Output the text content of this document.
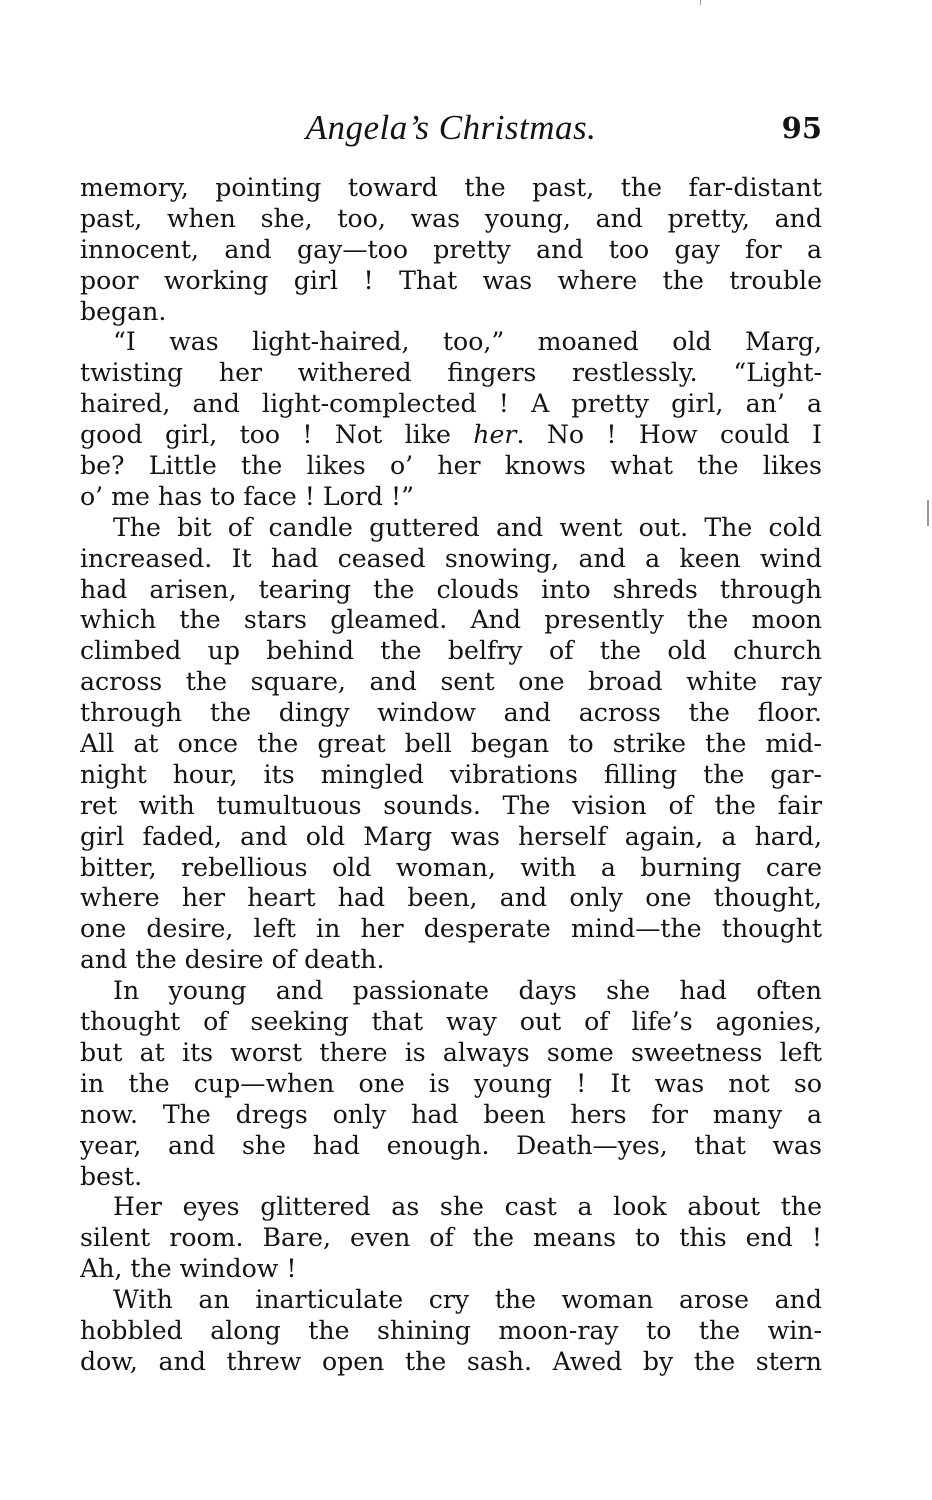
Angela’s Christmas.	95
memory, pointing toward the past, the far-distant
past, when she, too, was young, and pretty, and
innocent, and gay—too pretty and too gay for a
poor working girl ! That was where the trouble
began.
“I was light-haired, too,” moaned old Marg,
twisting her withered fingers restlessly. “Light-
haired, and light-complected ! A pretty girl, an’ a
good girl, too ! Not like her. No ! How could I
be? Little the likes o’ her knows what the likes
o’ me has to face ! Lord !”
The bit of candle guttered and went out. The cold
increased. It had ceased snowing, and a keen wind
had arisen, tearing the clouds into shreds through
which the stars gleamed. And presently the moon
climbed up behind the belfry of the old church
across the square, and sent one broad white ray
through the dingy window and across the floor.
All at once the great bell began to strike the mid-
night hour, its mingled vibrations filling the gar-
ret with tumultuous sounds. The vision of the fair
girl faded, and old Marg was herself again, a hard,
bitter, rebellious old woman, with a burning care
where her heart had been, and only one thought,
one desire, left in her desperate mind—the thought
and the desire of death.
In young and passionate days she had often
thought of seeking that way out of life’s agonies,
but at its worst there is always some sweetness left
in the cup—when one is young ! It was not so
now. The dregs only had been hers for many a
year, and she had enough. Death—yes, that was
best.
Her eyes glittered as she cast a look about the
silent room. Bare, even of the means to this end !
Ah, the window !
With an inarticulate cry the woman arose and
hobbled along the shining moon-ray to the win-
dow, and threw open the sash. Awed by the stern
